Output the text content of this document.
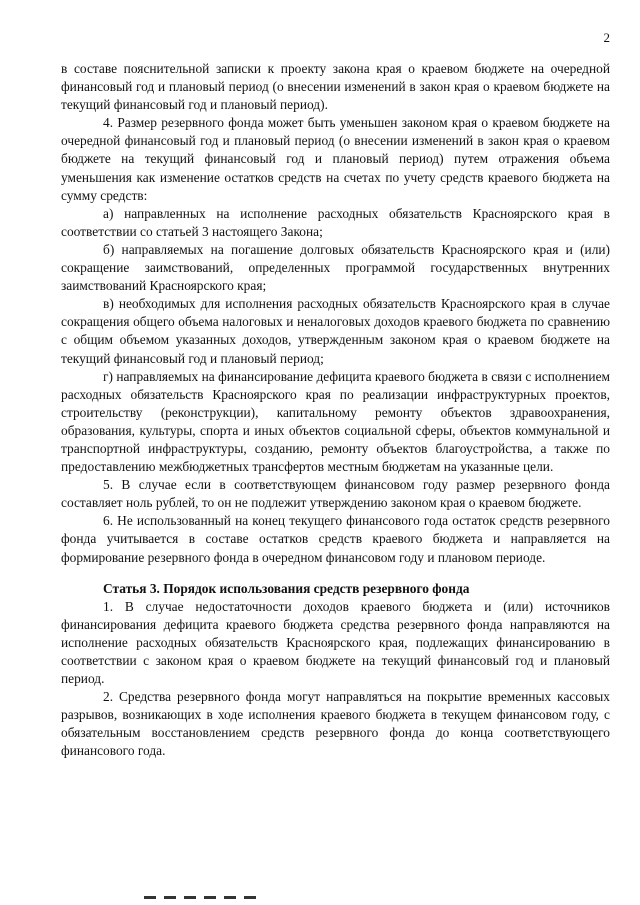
2

в составе пояснительной записки к проекту закона края о краевом бюджете на очередной финансовый год и плановый период (о внесении изменений в закон края о краевом бюджете на текущий финансовый год и плановый период).

4. Размер резервного фонда может быть уменьшен законом края о краевом бюджете на очередной финансовый год и плановый период (о внесении изменений в закон края о краевом бюджете на текущий финансовый год и плановый период) путем отражения объема уменьшения как изменение остатков средств на счетах по учету средств краевого бюджета на сумму средств:

а) направленных на исполнение расходных обязательств Красноярского края в соответствии со статьей 3 настоящего Закона;

б) направляемых на погашение долговых обязательств Красноярского края и (или) сокращение заимствований, определенных программой государственных внутренних заимствований Красноярского края;

в) необходимых для исполнения расходных обязательств Красноярского края в случае сокращения общего объема налоговых и неналоговых доходов краевого бюджета по сравнению с общим объемом указанных доходов, утвержденным законом края о краевом бюджете на текущий финансовый год и плановый период;

г) направляемых на финансирование дефицита краевого бюджета в связи с исполнением расходных обязательств Красноярского края по реализации инфраструктурных проектов, строительству (реконструкции), капитальному ремонту объектов здравоохранения, образования, культуры, спорта и иных объектов социальной сферы, объектов коммунальной и транспортной инфраструктуры, созданию, ремонту объектов благоустройства, а также по предоставлению межбюджетных трансфертов местным бюджетам на указанные цели.

5. В случае если в соответствующем финансовом году размер резервного фонда составляет ноль рублей, то он не подлежит утверждению законом края о краевом бюджете.

6. Не использованный на конец текущего финансового года остаток средств резервного фонда учитывается в составе остатков средств краевого бюджета и направляется на формирование резервного фонда в очередном финансовом году и плановом периоде.

Статья 3. Порядок использования средств резервного фонда

1. В случае недостаточности доходов краевого бюджета и (или) источников финансирования дефицита краевого бюджета средства резервного фонда направляются на исполнение расходных обязательств Красноярского края, подлежащих финансированию в соответствии с законом края о краевом бюджете на текущий финансовый год и плановый период.

2. Средства резервного фонда могут направляться на покрытие временных кассовых разрывов, возникающих в ходе исполнения краевого бюджета в текущем финансовом году, с обязательным восстановлением средств резервного фонда до конца соответствующего финансового года.
